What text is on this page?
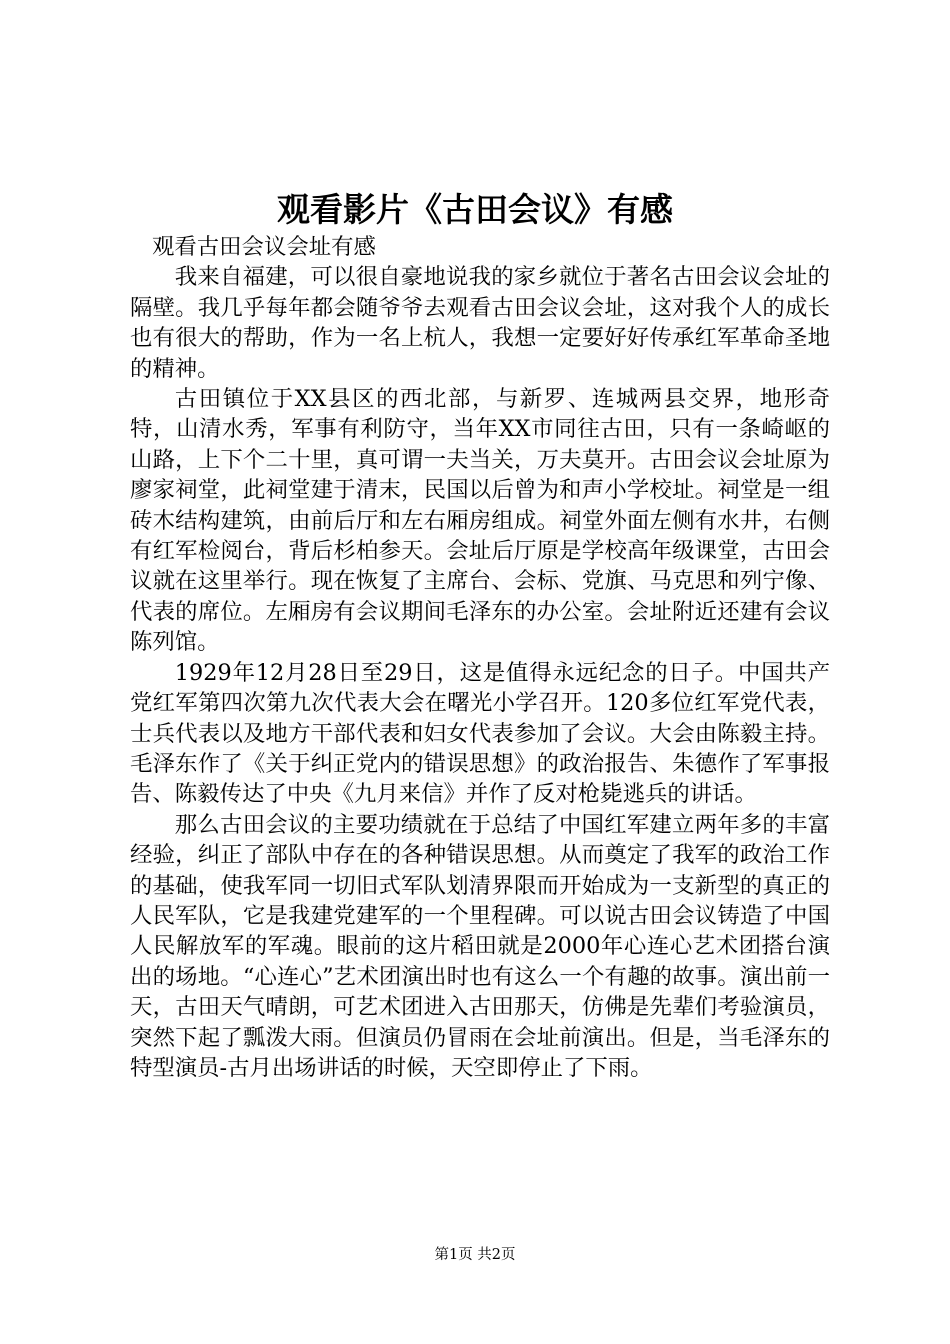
观看影片《古田会议》有感

观看古田会议会址有感

我来自福建，可以很自豪地说我的家乡就位于著名古田会议会址的隔壁。我几乎每年都会随爷爷去观看古田会议会址，这对我个人的成长也有很大的帮助，作为一名上杭人，我想一定要好好传承红军革命圣地的精神。

古田镇位于XX县区的西北部，与新罗、连城两县交界，地形奇特，山清水秀，军事有利防守，当年XX市同往古田，只有一条崎岖的山路，上下个二十里，真可谓一夫当关，万夫莫开。古田会议会址原为廖家祠堂，此祠堂建于清末，民国以后曾为和声小学校址。祠堂是一组砖木结构建筑，由前后厅和左右厢房组成。祠堂外面左侧有水井，右侧有红军检阅台，背后杉柏参天。会址后厅原是学校高年级课堂，古田会议就在这里举行。现在恢复了主席台、会标、党旗、马克思和列宁像、代表的席位。左厢房有会议期间毛泽东的办公室。会址附近还建有会议陈列馆。

1929年12月28日至29日，这是值得永远纪念的日子。中国共产党红军第四次第九次代表大会在曙光小学召开。120多位红军党代表，士兵代表以及地方干部代表和妇女代表参加了会议。大会由陈毅主持。毛泽东作了《关于纠正党内的错误思想》的政治报告、朱德作了军事报告、陈毅传达了中央《九月来信》并作了反对枪毙逃兵的讲话。

那么古田会议的主要功绩就在于总结了中国红军建立两年多的丰富经验，纠正了部队中存在的各种错误思想。从而奠定了我军的政治工作的基础，使我军同一切旧式军队划清界限而开始成为一支新型的真正的人民军队，它是我建党建军的一个里程碑。可以说古田会议铸造了中国人民解放军的军魂。眼前的这片稻田就是2000年心连心艺术团搭台演出的场地。“心连心”艺术团演出时也有这么一个有趣的故事。演出前一天，古田天气晴朗，可艺术团进入古田那天，仿佛是先辈们考验演员，突然下起了瓢泼大雨。但演员仍冒雨在会址前演出。但是，当毛泽东的特型演员-古月出场讲话的时候，天空即停止了下雨。

第1页 共2页
